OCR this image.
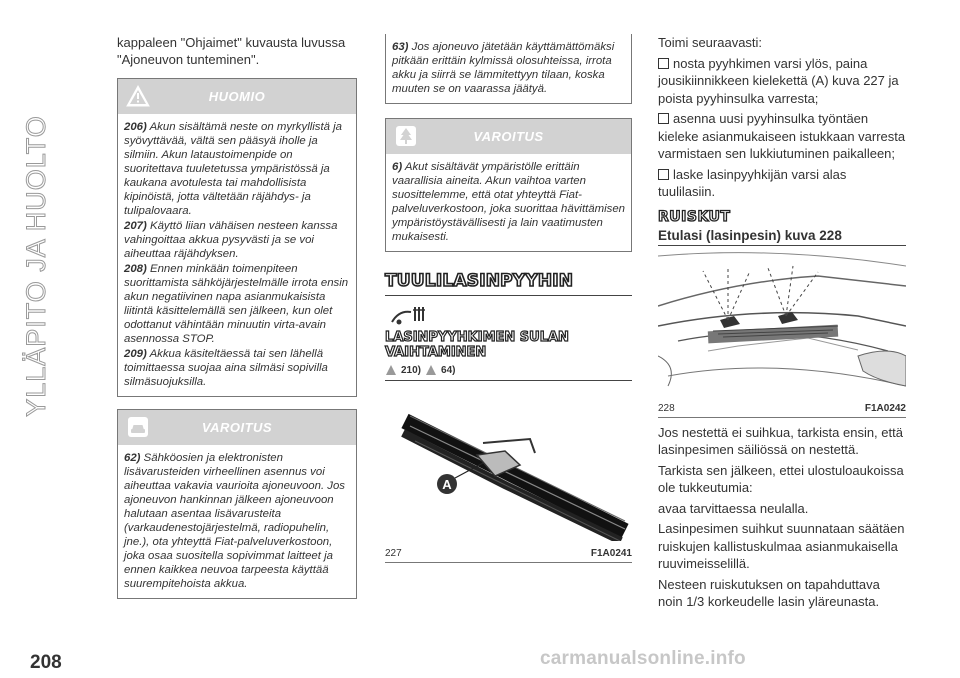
YLLÄPITO JA HUOLTO

kappaleen "Ohjaimet" kuvausta luvussa "Ajoneuvon tunteminen".

HUOMIO

206) Akun sisältämä neste on myrkyllistä ja syövyttävää, vältä sen pääsyä iholle ja silmiin. Akun lataustoimenpide on suoritettava tuuletetussa ympäristössä ja kaukana avotulesta tai mahdollisista kipinöistä, jotta vältetään räjähdys- ja tulipalovaara.

207) Käyttö liian vähäisen nesteen kanssa vahingoittaa akkua pysyvästi ja se voi aiheuttaa räjähdyksen.

208) Ennen minkään toimenpiteen suorittamista sähköjärjestelmälle irrota ensin akun negatiivinen napa asianmukaisista liitintä käsittelemällä sen jälkeen, kun olet odottanut vähintään minuutin virta-avain asennossa STOP.

209) Akkua käsiteltäessä tai sen lähellä toimittaessa suojaa aina silmäsi sopivilla silmäsuojuksilla.

VAROITUS

62) Sähköosien ja elektronisten lisävarusteiden virheellinen asennus voi aiheuttaa vakavia vaurioita ajoneuvoon. Jos ajoneuvon hankinnan jälkeen ajoneuvoon halutaan asentaa lisävarusteita (varkaudenestojärjestelmä, radiopuhelin, jne.), ota yhteyttä Fiat-palveluverkostoon, joka osaa suositella sopivimmat laitteet ja ennen kaikkea neuvoa tarpeesta käyttää suurempitehoista akkua.

63) Jos ajoneuvo jätetään käyttämättömäksi pitkään erittäin kylmissä olosuhteissa, irrota akku ja siirrä se lämmitettyyn tilaan, koska muuten se on vaarassa jäätyä.

VAROITUS

6) Akut sisältävät ympäristölle erittäin vaarallisia aineita. Akun vaihtoa varten suosittelemme, että otat yhteyttä Fiat-palveluverkostoon, joka suorittaa hävittämisen ympäristöystävällisesti ja lain vaatimusten mukaisesti.

TUULILASINPYYHIN
LASINPYYHKIMEN SULAN VAIHTAMINEN
210) 64)
A
227	F1A0241

Toimi seuraavasti:

nosta pyyhkimen varsi ylös, paina jousikiinnikkeen kielekettä (A) kuva 227 ja poista pyyhinsulka varresta;

asenna uusi pyyhinsulka työntäen kieleke asianmukaiseen istukkaan varresta varmistaen sen lukkiutuminen paikalleen;

laske lasinpyyhkijän varsi alas tuulilasiin.

RUISKUT
Etulasi (lasinpesin) kuva 228
228	F1A0242

Jos nestettä ei suihkua, tarkista ensin, että lasinpesimen säiliössä on nestettä.

Tarkista sen jälkeen, ettei ulostuloaukoissa ole tukkeutumia:

avaa tarvittaessa neulalla.

Lasinpesimen suihkut suunnataan säätäen ruiskujen kallistuskulmaa asianmukaisella ruuvimeisselillä.

Nesteen ruiskutuksen on tapahduttava noin 1/3 korkeudelle lasin yläreunasta.

208	carmanualsonline.info
